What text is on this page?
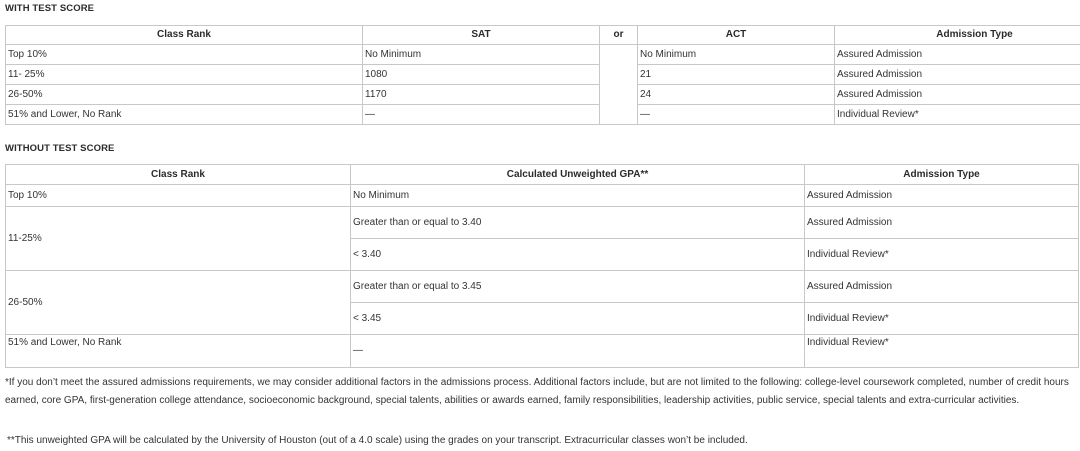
WITH TEST SCORE
Class Rank	SAT	or	ACT	Admission Type
Top 10%	No Minimum		No Minimum	Assured Admission
11- 25%	1080		21	Assured Admission
26-50%	1170		24	Assured Admission
51% and Lower, No Rank	—		—	Individual Review*
WITHOUT TEST SCORE
Class Rank	Calculated Unweighted GPA**	Admission Type
Top 10%	No Minimum	Assured Admission
11-25%	Greater than or equal to 3.40	Assured Admission
	< 3.40	Individual Review*
26-50%	Greater than or equal to 3.45	Assured Admission
	< 3.45	Individual Review*
51% and Lower, No Rank	—	Individual Review*
*If you don’t meet the assured admissions requirements, we may consider additional factors in the admissions process. Additional factors include, but are not limited to the following: college-level coursework completed, number of credit hours earned, core GPA, first-generation college attendance, socioeconomic background, special talents, abilities or awards earned, family responsibilities, leadership activities, public service, special talents and extra-curricular activities.
**This unweighted GPA will be calculated by the University of Houston (out of a 4.0 scale) using the grades on your transcript. Extracurricular classes won’t be included.
